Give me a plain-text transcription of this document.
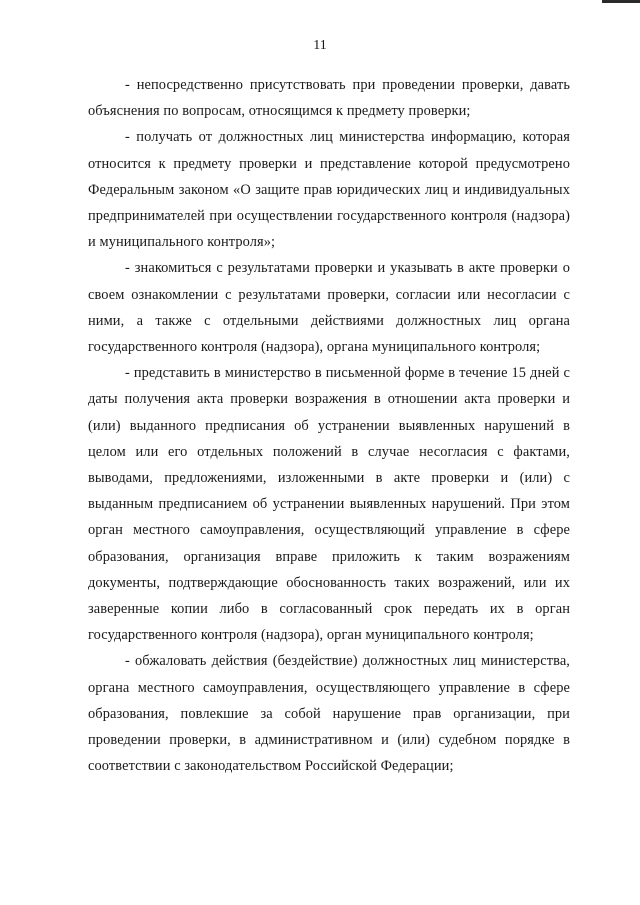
11

- непосредственно присутствовать при проведении проверки, давать объяснения по вопросам, относящимся к предмету проверки;

- получать от должностных лиц министерства информацию, которая относится к предмету проверки и представление которой предусмотрено Федеральным законом «О защите прав юридических лиц и индивидуальных предпринимателей при осуществлении государственного контроля (надзора) и муниципального контроля»;

- знакомиться с результатами проверки и указывать в акте проверки о своем ознакомлении с результатами проверки, согласии или несогласии с ними, а также с отдельными действиями должностных лиц органа государственного контроля (надзора), органа муниципального контроля;

- представить в министерство в письменной форме в течение 15 дней с даты получения акта проверки возражения в отношении акта проверки и (или) выданного предписания об устранении выявленных нарушений в целом или его отдельных положений в случае несогласия с фактами, выводами, предложениями, изложенными в акте проверки и (или) с выданным предписанием об устранении выявленных нарушений. При этом орган местного самоуправления, осуществляющий управление в сфере образования, организация вправе приложить к таким возражениям документы, подтверждающие обоснованность таких возражений, или их заверенные копии либо в согласованный срок передать их в орган государственного контроля (надзора), орган муниципального контроля;

- обжаловать действия (бездействие) должностных лиц министерства, органа местного самоуправления, осуществляющего управление в сфере образования, повлекшие за собой нарушение прав организации, при проведении проверки, в административном и (или) судебном порядке в соответствии с законодательством Российской Федерации;
